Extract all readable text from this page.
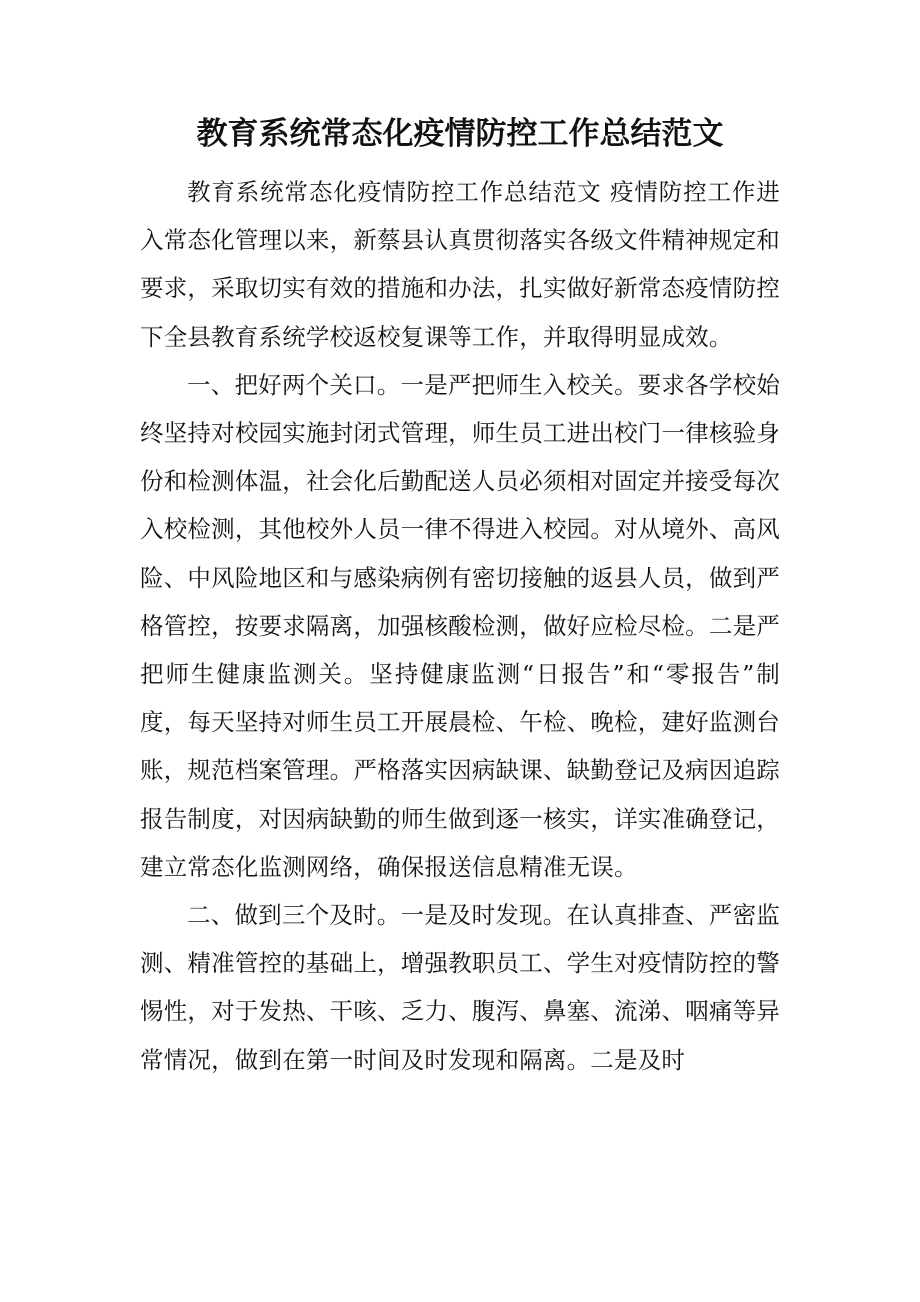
教育系统常态化疫情防控工作总结范文

教育系统常态化疫情防控工作总结范文 疫情防控工作进入常态化管理以来，新蔡县认真贯彻落实各级文件精神规定和要求，采取切实有效的措施和办法，扎实做好新常态疫情防控下全县教育系统学校返校复课等工作，并取得明显成效。

一、把好两个关口。一是严把师生入校关。要求各学校始终坚持对校园实施封闭式管理，师生员工进出校门一律核验身份和检测体温，社会化后勤配送人员必须相对固定并接受每次入校检测，其他校外人员一律不得进入校园。对从境外、高风险、中风险地区和与感染病例有密切接触的返县人员，做到严格管控，按要求隔离，加强核酸检测，做好应检尽检。二是严把师生健康监测关。坚持健康监测“日报告”和“零报告”制度，每天坚持对师生员工开展晨检、午检、晚检，建好监测台账，规范档案管理。严格落实因病缺课、缺勤登记及病因追踪报告制度，对因病缺勤的师生做到逐一核实，详实准确登记，建立常态化监测网络，确保报送信息精准无误。

二、做到三个及时。一是及时发现。在认真排查、严密监测、精准管控的基础上，增强教职员工、学生对疫情防控的警惕性，对于发热、干咳、乏力、腹泻、鼻塞、流涕、咽痛等异常情况，做到在第一时间及时发现和隔离。二是及时
